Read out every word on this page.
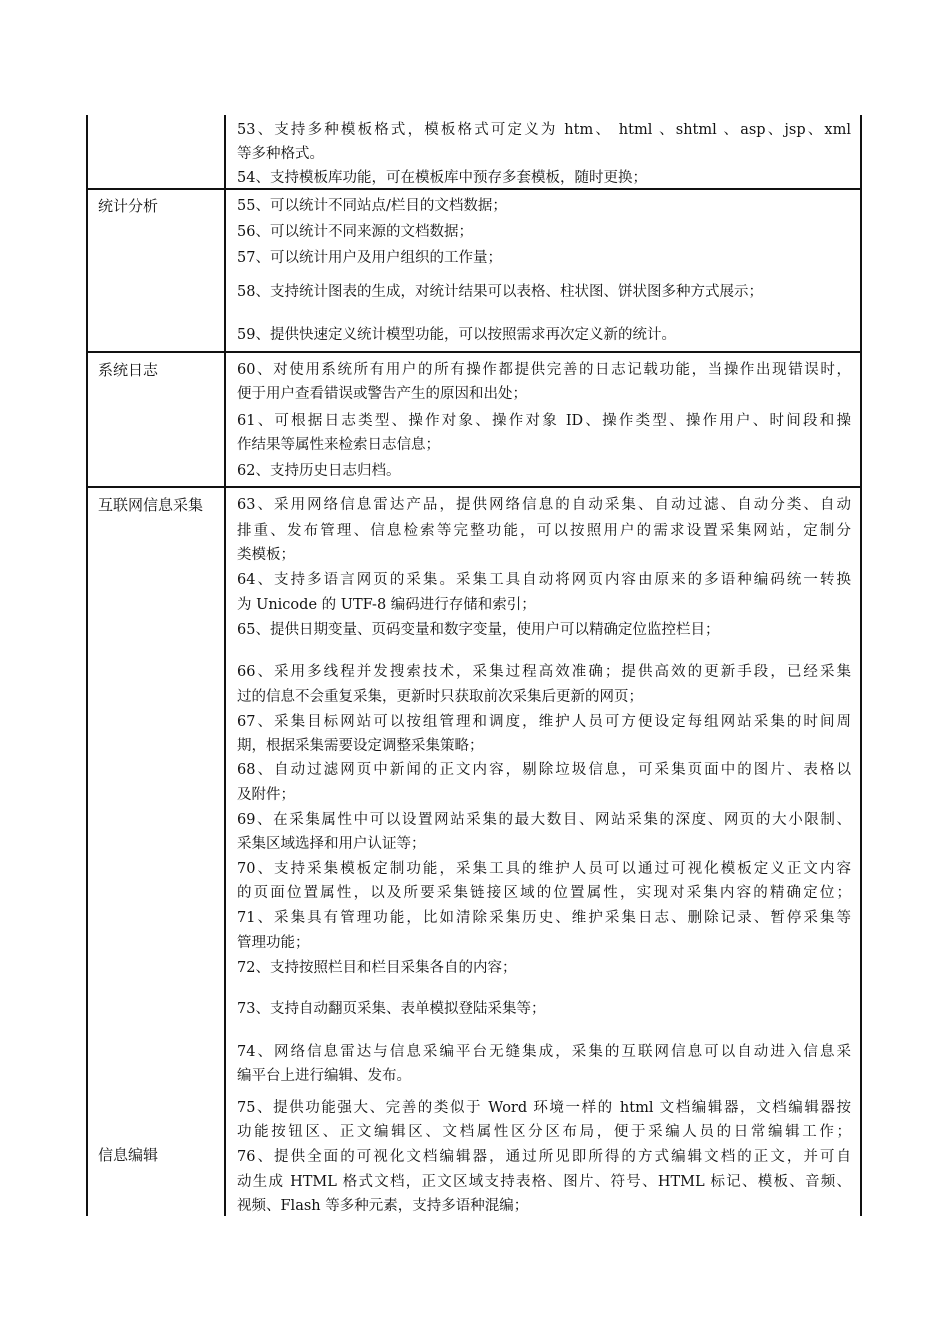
53、支持多种模板格式，模板格式可定义为 htm、 html 、shtml 、asp、jsp、xml
等多种格式。
54、支持模板库功能，可在模板库中预存多套模板，随时更换；
统计分析	55、可以统计不同站点/栏目的文档数据；
56、可以统计不同来源的文档数据；
57、可以统计用户及用户组织的工作量；
58、支持统计图表的生成，对统计结果可以表格、柱状图、饼状图多种方式展示；
59、提供快速定义统计模型功能，可以按照需求再次定义新的统计。
系统日志	60、对使用系统所有用户的所有操作都提供完善的日志记载功能，当操作出现错误时，
便于用户查看错误或警告产生的原因和出处；
61、可根据日志类型、操作对象、操作对象 ID、操作类型、操作用户、时间段和操
作结果等属性来检索日志信息；
62、支持历史日志归档。
互联网信息采集 63、采用网络信息雷达产品，提供网络信息的自动采集、自动过滤、自动分类、自动
排重、发布管理、信息检索等完整功能，可以按照用户的需求设置采集网站，定制分
类模板；
64、支持多语言网页的采集。采集工具自动将网页内容由原来的多语种编码统一转换
为 Unicode 的 UTF-8 编码进行存储和索引；
65、提供日期变量、页码变量和数字变量，使用户可以精确定位监控栏目；
66、采用多线程并发搜索技术，采集过程高效准确；提供高效的更新手段，已经采集
过的信息不会重复采集，更新时只获取前次采集后更新的网页；
67、采集目标网站可以按组管理和调度，维护人员可方便设定每组网站采集的时间周
期，根据采集需要设定调整采集策略；
68、自动过滤网页中新闻的正文内容，剔除垃圾信息，可采集页面中的图片、表格以
及附件；
69、在采集属性中可以设置网站采集的最大数目、网站采集的深度、网页的大小限制、
采集区域选择和用户认证等；
70、支持采集模板定制功能，采集工具的维护人员可以通过可视化模板定义正文内容
的页面位置属性，以及所要采集链接区域的位置属性，实现对采集内容的精确定位；
71、采集具有管理功能，比如清除采集历史、维护采集日志、删除记录、暂停采集等
管理功能；
72、支持按照栏目和栏目采集各自的内容；
73、支持自动翻页采集、表单模拟登陆采集等；
74、网络信息雷达与信息采编平台无缝集成，采集的互联网信息可以自动进入信息采
编平台上进行编辑、发布。
信息编辑
75、提供功能强大、完善的类似于 Word 环境一样的 html 文档编辑器，文档编辑器按
功能按钮区、正文编辑区、文档属性区分区布局，便于采编人员的日常编辑工作；
76、提供全面的可视化文档编辑器，通过所见即所得的方式编辑文档的正文，并可自
动生成 HTML 格式文档，正文区域支持表格、图片、符号、HTML 标记、模板、音频、
视频、Flash 等多种元素，支持多语种混编；
